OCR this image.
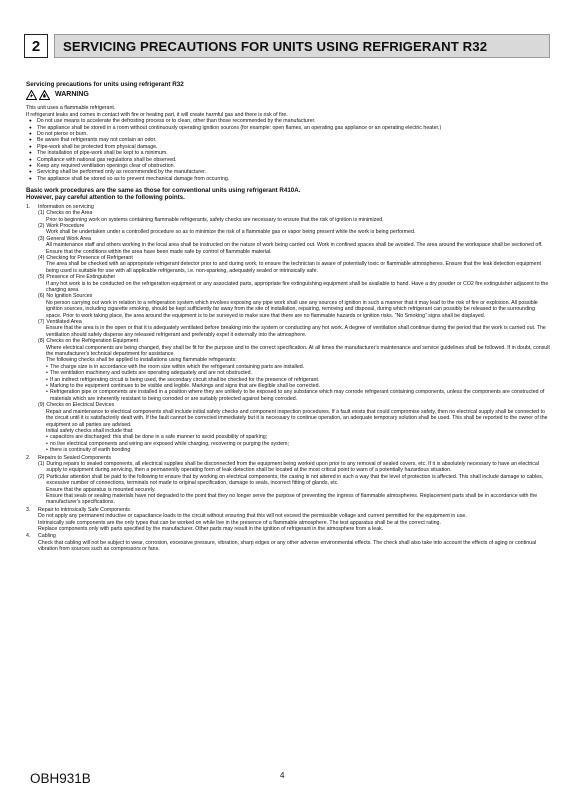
2	SERVICING PRECAUTIONS FOR UNITS USING REFRIGERANT R32
Servicing precautions for units using refrigerant R32
WARNING
This unit uses a flammable refrigerant.
If refrigerant leaks and comes in contact with fire or heating part, it will create harmful gas and there is risk of fire.
● Do not use means to accelerate the defrosting process or to clean, other than those recommended by the manufacturer.
● The appliance shall be stored in a room without continuously operating ignition sources (for example: open flames, an operating gas appliance or an operating electric heater.)
● Do not pierce or burn.
● Be aware that refrigerants may not contain an odor.
● Pipe-work shall be protected from physical damage.
● The installation of pipe-work shall be kept to a minimum.
● Compliance with national gas regulations shall be observed.
● Keep any required ventilation openings clear of obstruction.
● Servicing shall be performed only as recommended by the manufacturer.
● The appliance shall be stored so as to prevent mechanical damage from occurring.
Basic work procedures are the same as those for conventional units using refrigerant R410A.
However, pay careful attention to the following points.
1.	Information on servicing
(1) Checks on the Area
Prior to beginning work on systems containing flammable refrigerants, safety checks are necessary to ensure that the risk of ignition is minimized.
(2) Work Procedure
Work shall be undertaken under a controlled procedure so as to minimize the risk of a flammable gas or vapor being present while the work is being performed.
(3) General Work Area
All maintenance staff and others working in the local area shall be instructed on the nature of work being carried out. Work in confined spaces shall be avoided. The area around the workspace shall be sectioned off. Ensure that the conditions within the area have been made safe by control of flammable material.
(4) Checking for Presence of Refrigerant
The area shall be checked with an appropriate refrigerant detector prior to and during work, to ensure the technician is aware of potentially toxic or flammable atmospheres. Ensure that the leak detection equipment being used is suitable for use with all applicable refrigerants, i.e. non-sparking, adequately sealed or intrinsically safe.
(5) Presence of Fire Extinguisher
If any hot work is to be conducted on the refrigeration equipment or any associated parts, appropriate fire extinguishing equipment shall be available to hand. Have a dry powder or CO2 fire extinguisher adjacent to the charging area.
(6) No Ignition Sources
No person carrying out work in relation to a refrigeration system which involves exposing any pipe work shall use any sources of ignition in such a manner that it may lead to the risk of fire or explosion. All possible ignition sources, including cigarette smoking, should be kept sufficiently far away from the site of installation, repairing, removing and disposal, during which refrigerant can possibly be released to the surrounding space. Prior to work taking place, the area around the equipment is to be surveyed to make sure that there are no flammable hazards or ignition risks. “No Smoking” signs shall be displayed.
(7) Ventilated Area
Ensure that the area is in the open or that it is adequately ventilated before breaking into the system or conducting any hot work. A degree of ventilation shall continue during the period that the work is carried out. The ventilation should safely disperse any released refrigerant and preferably expel it externally into the atmosphere.
(8) Checks on the Refrigeration Equipment
Where electrical components are being changed, they shall be fit for the purpose and to the correct specification. At all times the manufacturer's maintenance and service guidelines shall be followed. If in doubt, consult the manufacturer's technical department for assistance.
The following checks shall be applied to installations using flammable refrigerants:
• The charge size is in accordance with the room size within which the refrigerant containing parts are installed.
• The ventilation machinery and outlets are operating adequately and are not obstructed.
• If an indirect refrigerating circuit is being used, the secondary circuit shall be checked for the presence of refrigerant.
• Marking to the equipment continues to be visible and legible. Markings and signs that are illegible shall be corrected.
• Refrigeration pipe or components are installed in a position where they are unlikely to be exposed to any substance which may corrode refrigerant containing components, unless the components are constructed of materials which are inherently resistant to being corroded or are suitably protected against being corroded.
(9) Checks on Electrical Devices
Repair and maintenance to electrical components shall include initial safety checks and component inspection procedures. If a fault exists that could compromise safety, then no electrical supply shall be connected to the circuit until it is satisfactorily dealt with. If the fault cannot be corrected immediately but it is necessary to continue operation, an adequate temporary solution shall be used. This shall be reported to the owner of the equipment so all parties are advised.
Initial safety checks shall include that:
• capacitors are discharged: this shall be done in a safe manner to avoid possibility of sparking;
• no live electrical components and wiring are exposed while charging, recovering or purging the system;
• there is continuity of earth bonding
2.	Repairs to Sealed Components
(1) During repairs to sealed components, all electrical supplies shall be disconnected from the equipment being worked upon prior to any removal of sealed covers, etc. If it is absolutely necessary to have an electrical supply to equipment during servicing, then a permanently operating form of leak detection shall be located at the most critical point to warn of a potentially hazardous situation.
(2) Particular attention shall be paid to the following to ensure that by working on electrical components, the casing is not altered in such a way that the level of protection is affected. This shall include damage to cables, excessive number of connections, terminals not made to original specification, damage to seals, incorrect fitting of glands, etc.
Ensure that the apparatus is mounted securely.
Ensure that seals or sealing materials have not degraded to the point that they no longer serve the purpose of preventing the ingress of flammable atmospheres. Replacement parts shall be in accordance with the manufacturer's specifications.
3.	Repair to intrinsically Safe Components
Do not apply any permanent inductive or capacitance loads to the circuit without ensuring that this will not exceed the permissible voltage and current permitted for the equipment in use.
Intrinsically safe components are the only types that can be worked on while live in the presence of a flammable atmosphere. The test apparatus shall be at the correct rating.
Replace components only with parts specified by the manufacturer. Other parts may result in the ignition of refrigerant in the atmosphere from a leak.
4.	Cabling
Check that cabling will not be subject to wear, corrosion, excessive pressure, vibration, sharp edges or any other adverse environmental effects. The check shall also take into account the effects of aging or continual vibration from sources such as compressors or fans.
OBH931B	4
